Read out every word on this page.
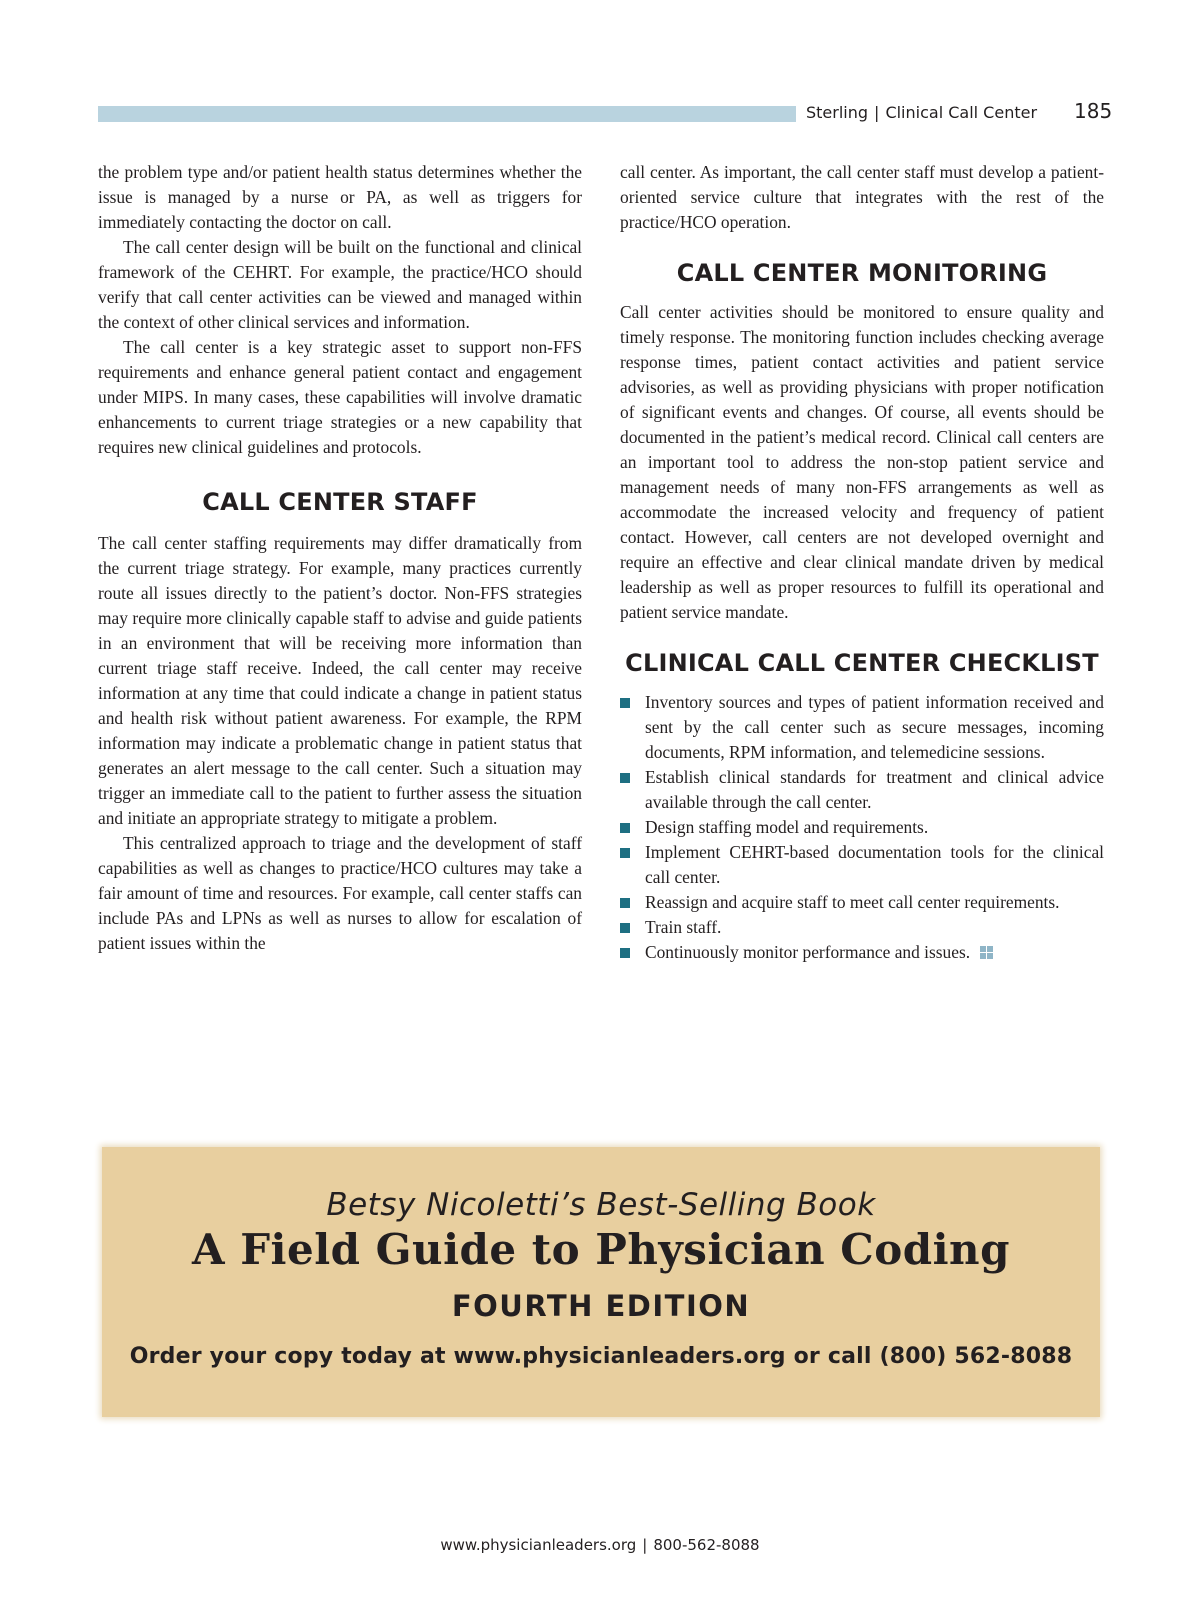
Sterling | Clinical Call Center 185

the problem type and/or patient health status determines whether the issue is managed by a nurse or PA, as well as triggers for immediately contacting the doctor on call.

The call center design will be built on the functional and clinical framework of the CEHRT. For example, the practice/HCO should verify that call center activities can be viewed and managed within the context of other clinical services and information.

The call center is a key strategic asset to support non-FFS requirements and enhance general patient contact and engagement under MIPS. In many cases, these capabilities will involve dramatic enhancements to current triage strategies or a new capability that requires new clinical guidelines and protocols.

CALL CENTER STAFF

The call center staffing requirements may differ dramatically from the current triage strategy. For example, many practices currently route all issues directly to the patient’s doctor. Non-FFS strategies may require more clinically capable staff to advise and guide patients in an environment that will be receiving more information than current triage staff receive. Indeed, the call center may receive information at any time that could indicate a change in patient status and health risk without patient awareness. For example, the RPM information may indicate a problematic change in patient status that generates an alert message to the call center. Such a situation may trigger an immediate call to the patient to further assess the situation and initiate an appropriate strategy to mitigate a problem.

This centralized approach to triage and the development of staff capabilities as well as changes to practice/HCO cultures may take a fair amount of time and resources. For example, call center staffs can include PAs and LPNs as well as nurses to allow for escalation of patient issues within the

call center. As important, the call center staff must develop a patient-oriented service culture that integrates with the rest of the practice/HCO operation.

CALL CENTER MONITORING

Call center activities should be monitored to ensure quality and timely response. The monitoring function includes checking average response times, patient contact activities and patient service advisories, as well as providing physicians with proper notification of significant events and changes. Of course, all events should be documented in the patient’s medical record. Clinical call centers are an important tool to address the non-stop patient service and management needs of many non-FFS arrangements as well as accommodate the increased velocity and frequency of patient contact. However, call centers are not developed overnight and require an effective and clear clinical mandate driven by medical leadership as well as proper resources to fulfill its operational and patient service mandate.

CLINICAL CALL CENTER CHECKLIST
Inventory sources and types of patient information received and sent by the call center such as secure messages, incoming documents, RPM information, and telemedicine sessions.
Establish clinical standards for treatment and clinical advice available through the call center.
Design staffing model and requirements.
Implement CEHRT-based documentation tools for the clinical call center.
Reassign and acquire staff to meet call center requirements.
Train staff.
Continuously monitor performance and issues.
Betsy Nicoletti’s Best-Selling Book
A Field Guide to Physician Coding
FOURTH EDITION
Order your copy today at www.physicianleaders.org or call (800) 562-8088
www.physicianleaders.org | 800-562-8088
